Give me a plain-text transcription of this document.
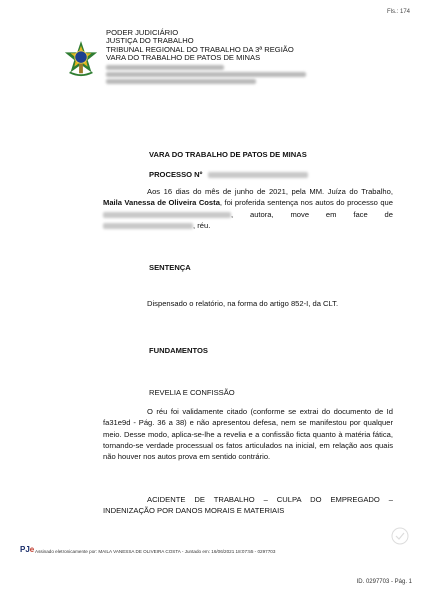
Fls.: 174
PODER JUDICIÁRIO
JUSTIÇA DO TRABALHO
TRIBUNAL REGIONAL DO TRABALHO DA 3ª REGIÃO
VARA DO TRABALHO DE PATOS DE MINAS
VARA DO TRABALHO DE PATOS DE MINAS
PROCESSO Nº
Aos 16 dias do mês de junho de 2021, pela MM. Juíza do Trabalho, Maila Vanessa de Oliveira Costa, foi proferida sentença nos autos do processo que , autora, move em face de , réu.
SENTENÇA
Dispensado o relatório, na forma do artigo 852-I, da CLT.
FUNDAMENTOS
REVELIA E CONFISSÃO
O réu foi validamente citado (conforme se extrai do documento de Id fa31e9d - Pág. 36 a 38) e não apresentou defesa, nem se manifestou por qualquer meio. Desse modo, aplica-se-lhe a revelia e a confissão ficta quanto à matéria fática, tornando-se verdade processual os fatos articulados na inicial, em relação aos quais não houver nos autos prova em sentido contrário.
ACIDENTE DE TRABALHO – CULPA DO EMPREGADO – INDENIZAÇÃO POR DANOS MORAIS E MATERIAIS
PJe Assinado eletronicamente por: MAILA VANESSA DE OLIVEIRA COSTA - Juntado em: 16/06/2021 18:07:55 - 0297703
ID. 0297703 - Pág. 1
